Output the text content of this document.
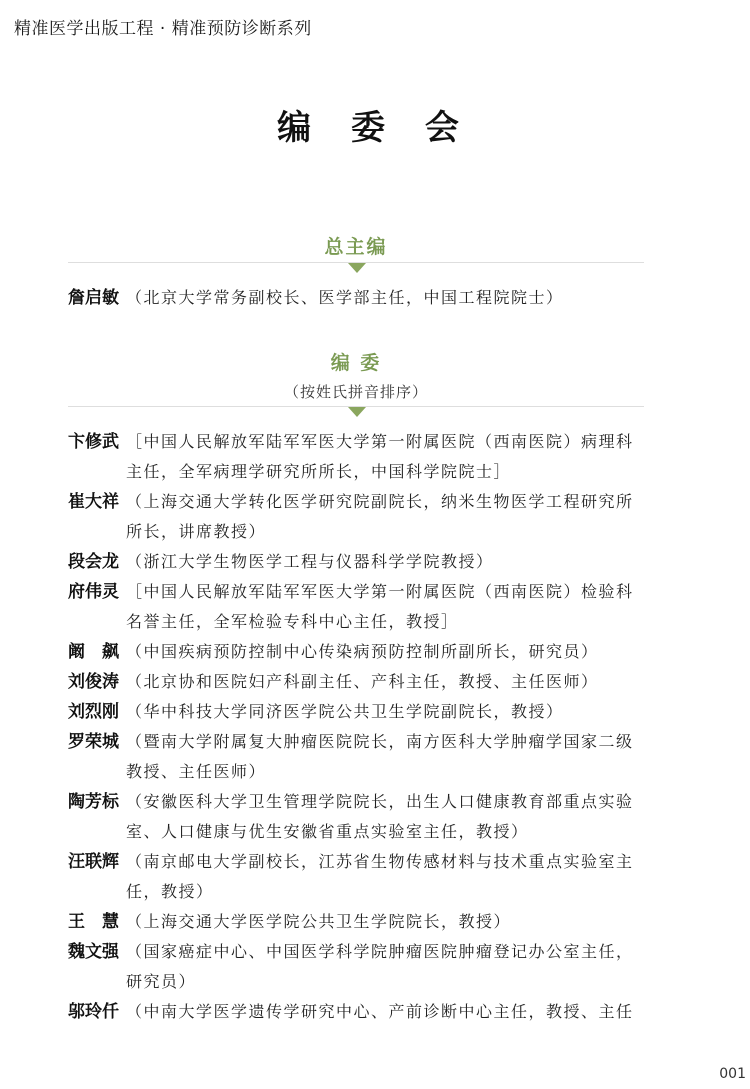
精准医学出版工程 · 精准预防诊断系列
编 委 会
总主编
詹启敏 （北京大学常务副校长、医学部主任，中国工程院院士）
编 委
（按姓氏拼音排序）
卞修武 ［中国人民解放军陆军军医大学第一附属医院（西南医院）病理科主任，全军病理学研究所所长，中国科学院院士］
崔大祥 （上海交通大学转化医学研究院副院长，纳米生物医学工程研究所所长，讲席教授）
段会龙 （浙江大学生物医学工程与仪器科学学院教授）
府伟灵 ［中国人民解放军陆军军医大学第一附属医院（西南医院）检验科名誉主任，全军检验专科中心主任，教授］
阚　飙 （中国疾病预防控制中心传染病预防控制所副所长，研究员）
刘俊涛 （北京协和医院妇产科副主任、产科主任，教授、主任医师）
刘烈刚 （华中科技大学同济医学院公共卫生学院副院长，教授）
罗荣城 （暨南大学附属复大肿瘤医院院长，南方医科大学肿瘤学国家二级教授、主任医师）
陶芳标 （安徽医科大学卫生管理学院院长，出生人口健康教育部重点实验室、人口健康与优生安徽省重点实验室主任，教授）
汪联辉 （南京邮电大学副校长，江苏省生物传感材料与技术重点实验室主任，教授）
王　慧 （上海交通大学医学院公共卫生学院院长，教授）
魏文强 （国家癌症中心、中国医学科学院肿瘤医院肿瘤登记办公室主任，研究员）
邬玲仟 （中南大学医学遗传学研究中心、产前诊断中心主任，教授、主任
001
